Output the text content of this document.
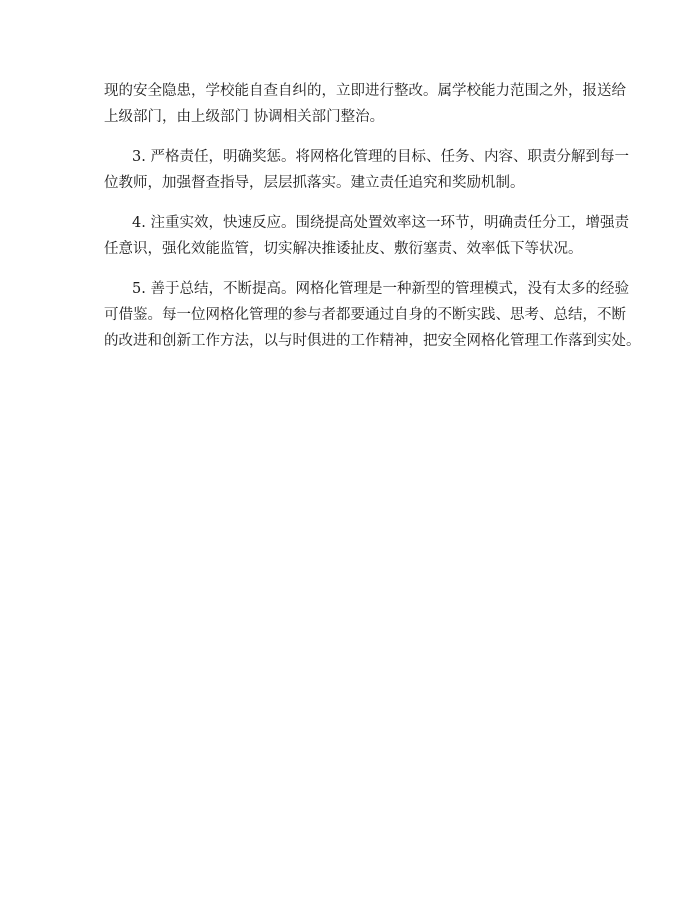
现的安全隐患，学校能自查自纠的，立即进行整改。属学校能力范围之外，报送给
上级部门，由上级部门 协调相关部门整治。
3. 严格责任，明确奖惩。将网格化管理的目标、任务、内容、职责分解到每一
位教师，加强督查指导，层层抓落实。建立责任追究和奖励机制。
4. 注重实效，快速反应。围绕提高处置效率这一环节，明确责任分工，增强责
任意识，强化效能监管，切实解决推诿扯皮、敷衍塞责、效率低下等状况。
5. 善于总结，不断提高。网格化管理是一种新型的管理模式，没有太多的经验
可借鉴。每一位网格化管理的参与者都要通过自身的不断实践、思考、总结，不断
的改进和创新工作方法，以与时俱进的工作精神，把安全网格化管理工作落到实处。
